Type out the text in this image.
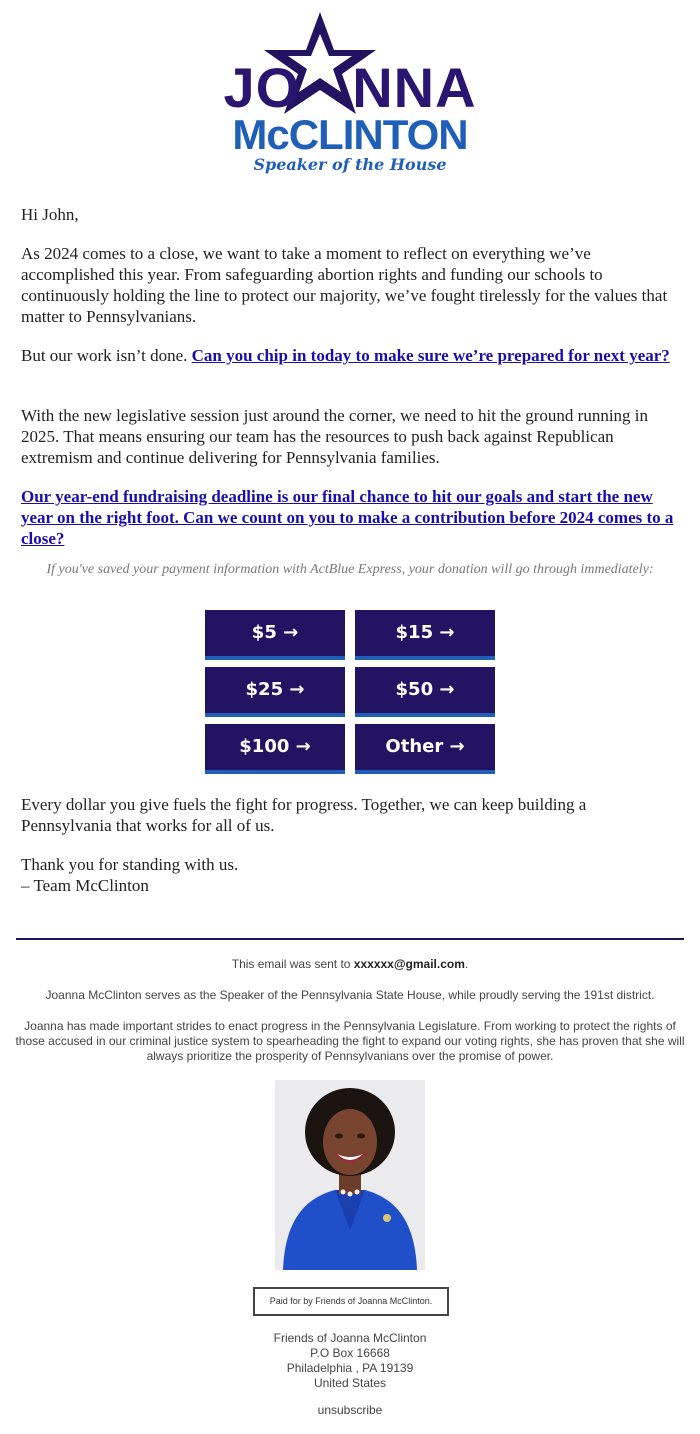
JO NNA
McCLINTON
Speaker of the House

Hi John,

As 2024 comes to a close, we want to take a moment to reflect on everything we’ve accomplished this year. From safeguarding abortion rights and funding our schools to continuously holding the line to protect our majority, we’ve fought tirelessly for the values that matter to Pennsylvanians.

But our work isn’t done. Can you chip in today to make sure we’re prepared for next year?

With the new legislative session just around the corner, we need to hit the ground running in 2025. That means ensuring our team has the resources to push back against Republican extremism and continue delivering for Pennsylvania families.

Our year-end fundraising deadline is our final chance to hit our goals and start the new year on the right foot. Can we count on you to make a contribution before 2024 comes to a close?

If you've saved your payment information with ActBlue Express, your donation will go through immediately:
$5 →	$15 →
$25 →	$50 →
$100 →	Other →

Every dollar you give fuels the fight for progress. Together, we can keep building a Pennsylvania that works for all of us.

Thank you for standing with us.
– Team McClinton

This email was sent to xxxxxx@gmail.com.
Joanna McClinton serves as the Speaker of the Pennsylvania State House, while proudly serving the 191st district.
Joanna has made important strides to enact progress in the Pennsylvania Legislature. From working to protect the rights of those accused in our criminal justice system to spearheading the fight to expand our voting rights, she has proven that she will always prioritize the prosperity of Pennsylvanians over the promise of power.
Paid for by Friends of Joanna McClinton.
Friends of Joanna McClinton
P.O Box 16668
Philadelphia , PA 19139
United States
unsubscribe
